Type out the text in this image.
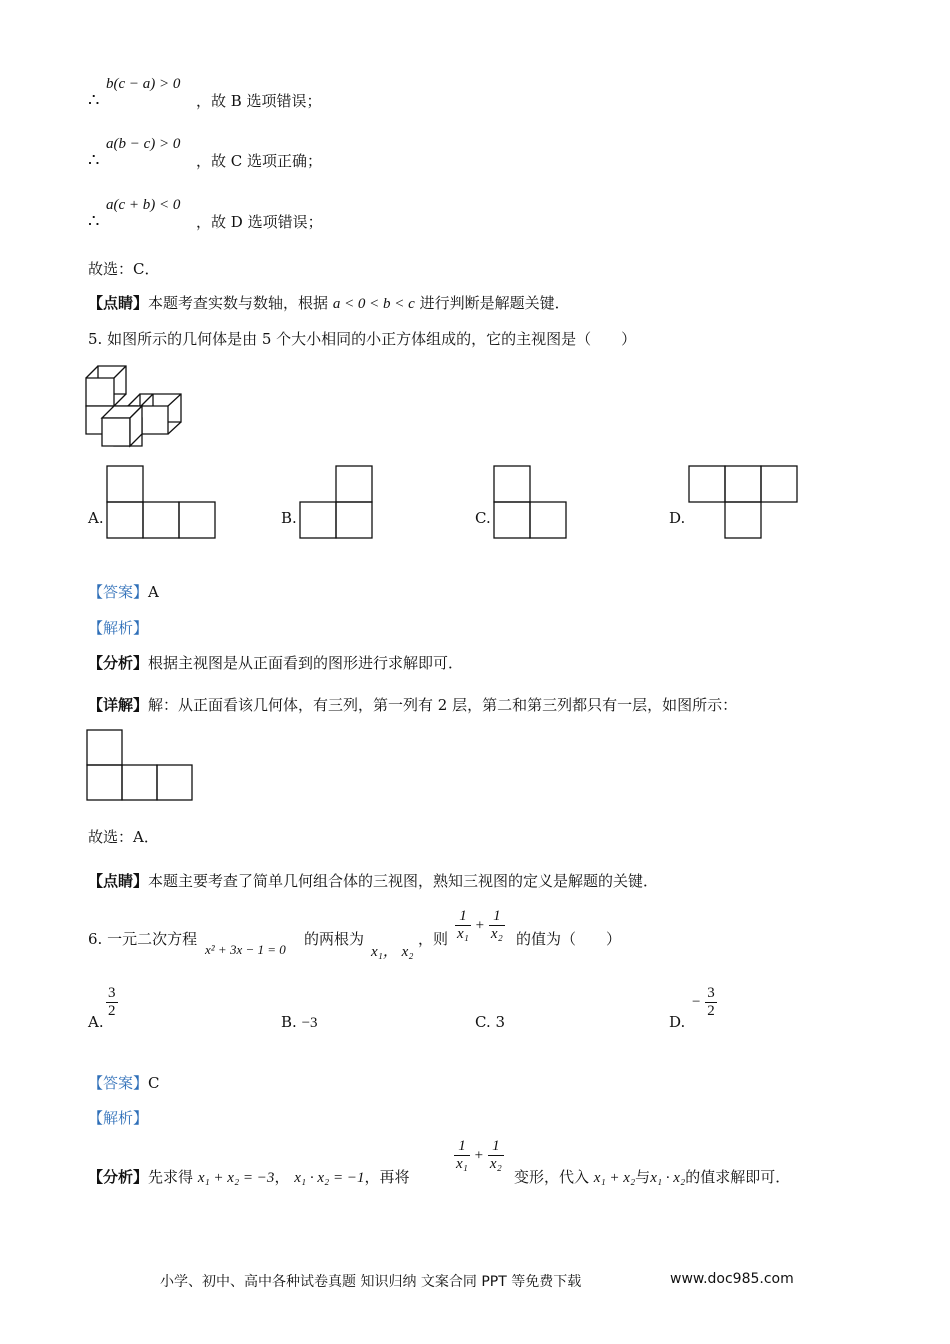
∴
b(c − a) > 0
，故 B 选项错误；
∴
a(b − c) > 0
，故 C 选项正确；
∴
a(c + b) < 0
，故 D 选项错误；
故选：C．
【点睛】本题考查实数与数轴，根据 a < 0 < b < c 进行判断是解题关键．
5. 如图所示的几何体是由 5 个大小相同的小正方体组成的，它的主视图是（　　）
A.	B.	C.	D.
【答案】A
【解析】
【分析】根据主视图是从正面看到的图形进行求解即可．
【详解】解：从正面看该几何体，有三列，第一列有 2 层，第二和第三列都只有一层，如图所示：
故选：A．
【点睛】本题主要考查了简单几何组合体的三视图，熟知三视图的定义是解题的关键．
6. 一元二次方程
x² + 3x − 1 = 0
的两根为
x₁， x₂
，则 $\frac{1}{\text{x₁}} + \frac{1}{\text{x₂}}$ 的值为（　　）
A.
$\frac{3}{2}$
B. −3	C. 3	D.
− $\frac{3}{2}$
【答案】C
【解析】
【分析】先求得 x₁ + x₂ = −3， x₁ · x₂ = −1，再将
$\frac{1}{\text{x₁}} + \frac{1}{\text{x₂}}$
变形，代入 x₁ + x₂与x₁ · x₂的值求解即可．
小学、初中、高中各种试卷真题 知识归纳 文案合同 PPT 等免费下载	www.doc985.com
